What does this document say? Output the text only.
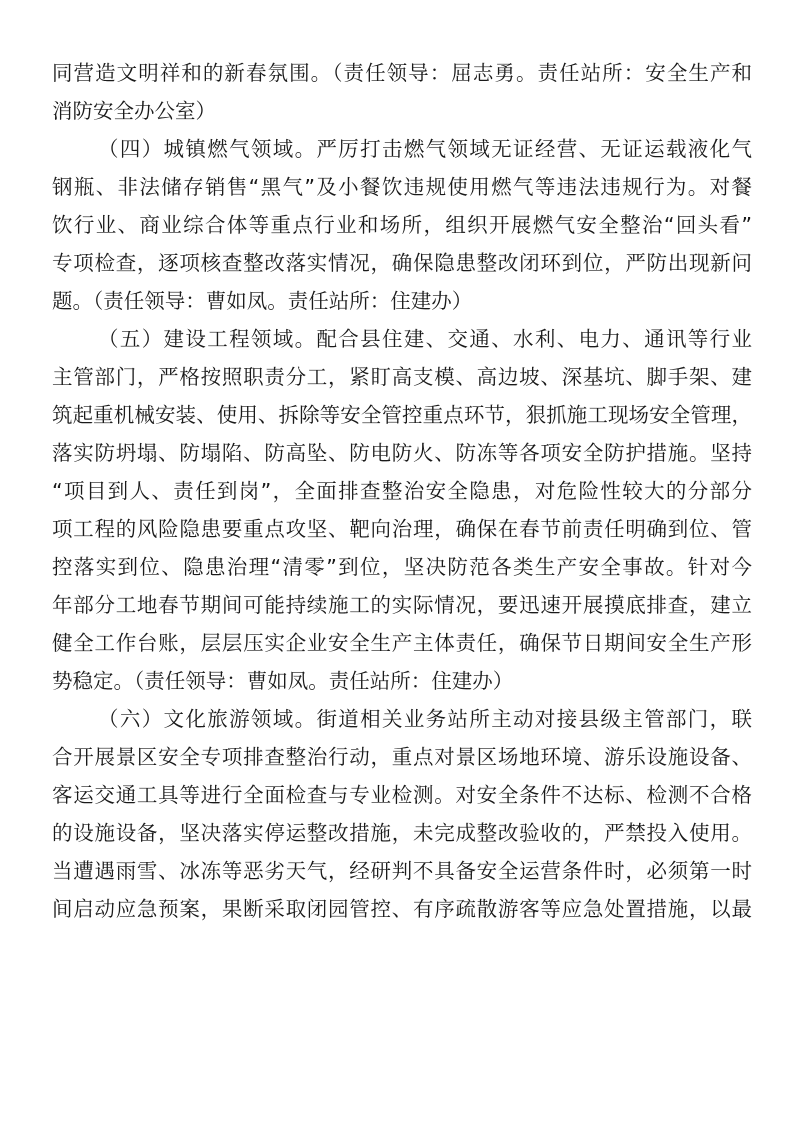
同营造文明祥和的新春氛围。（责任领导：屈志勇。责任站所：安全生产和
消防安全办公室）
（四）城镇燃气领域。严厉打击燃气领域无证经营、无证运载液化气
钢瓶、非法储存销售“黑气”及小餐饮违规使用燃气等违法违规行为。对餐
饮行业、商业综合体等重点行业和场所，组织开展燃气安全整治“回头看”
专项检查，逐项核查整改落实情况，确保隐患整改闭环到位，严防出现新问
题。（责任领导：曹如凤。责任站所：住建办）
（五）建设工程领域。配合县住建、交通、水利、电力、通讯等行业
主管部门，严格按照职责分工，紧盯高支模、高边坡、深基坑、脚手架、建
筑起重机械安装、使用、拆除等安全管控重点环节，狠抓施工现场安全管理，
落实防坍塌、防塌陷、防高坠、防电防火、防冻等各项安全防护措施。坚持
“项目到人、责任到岗”，全面排查整治安全隐患，对危险性较大的分部分
项工程的风险隐患要重点攻坚、靶向治理，确保在春节前责任明确到位、管
控落实到位、隐患治理“清零”到位，坚决防范各类生产安全事故。针对今
年部分工地春节期间可能持续施工的实际情况，要迅速开展摸底排查，建立
健全工作台账，层层压实企业安全生产主体责任，确保节日期间安全生产形
势稳定。（责任领导：曹如凤。责任站所：住建办）
（六）文化旅游领域。街道相关业务站所主动对接县级主管部门，联
合开展景区安全专项排查整治行动，重点对景区场地环境、游乐设施设备、
客运交通工具等进行全面检查与专业检测。对安全条件不达标、检测不合格
的设施设备，坚决落实停运整改措施，未完成整改验收的，严禁投入使用。
当遭遇雨雪、冰冻等恶劣天气，经研判不具备安全运营条件时，必须第一时
间启动应急预案，果断采取闭园管控、有序疏散游客等应急处置措施，以最
